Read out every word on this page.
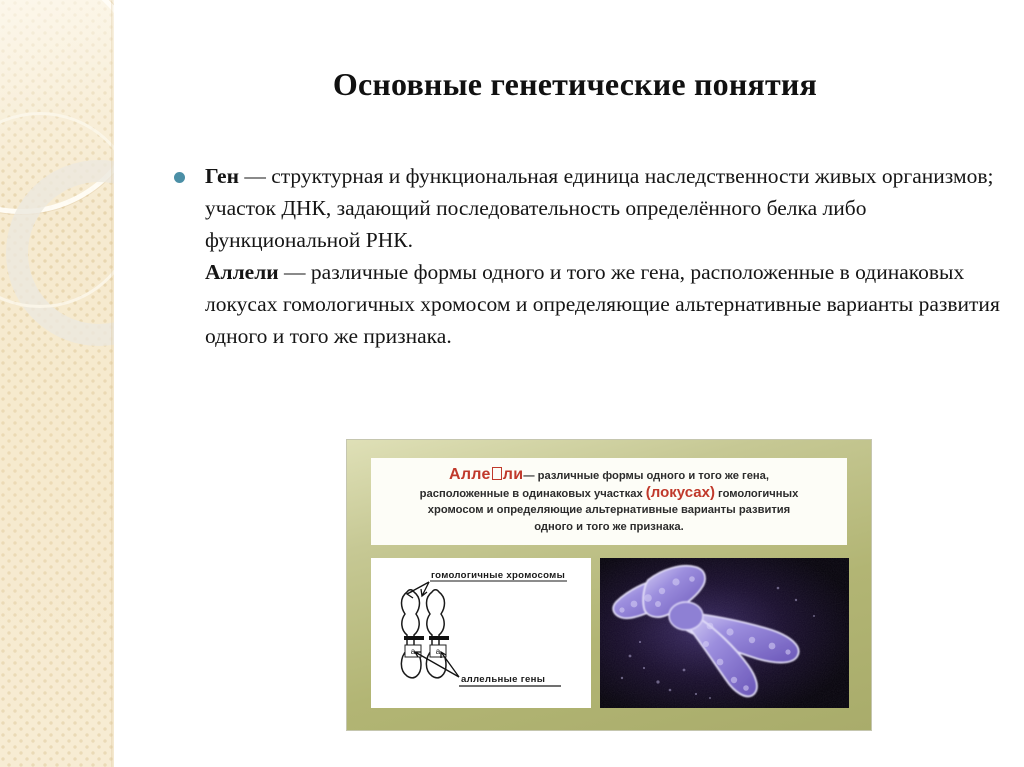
Основные генетические понятия
Ген — структурная и функциональная единица наследственности живых организмов; участок ДНК, задающий последовательность определённого белка либо функциональной РНК.
Аллели — различные формы одного и того же гена, расположенные в одинаковых локусах гомологичных хромосом и определяющие альтернативные варианты развития одного и того же признака.
Алле ли— различные формы одного и того же гена,
расположенные в одинаковых участках (локусах) гомологичных
хромосом и определяющие альтернативные варианты развития
одного и того же признака.
a	a
гомологичные хромосомы
аллельные гены
